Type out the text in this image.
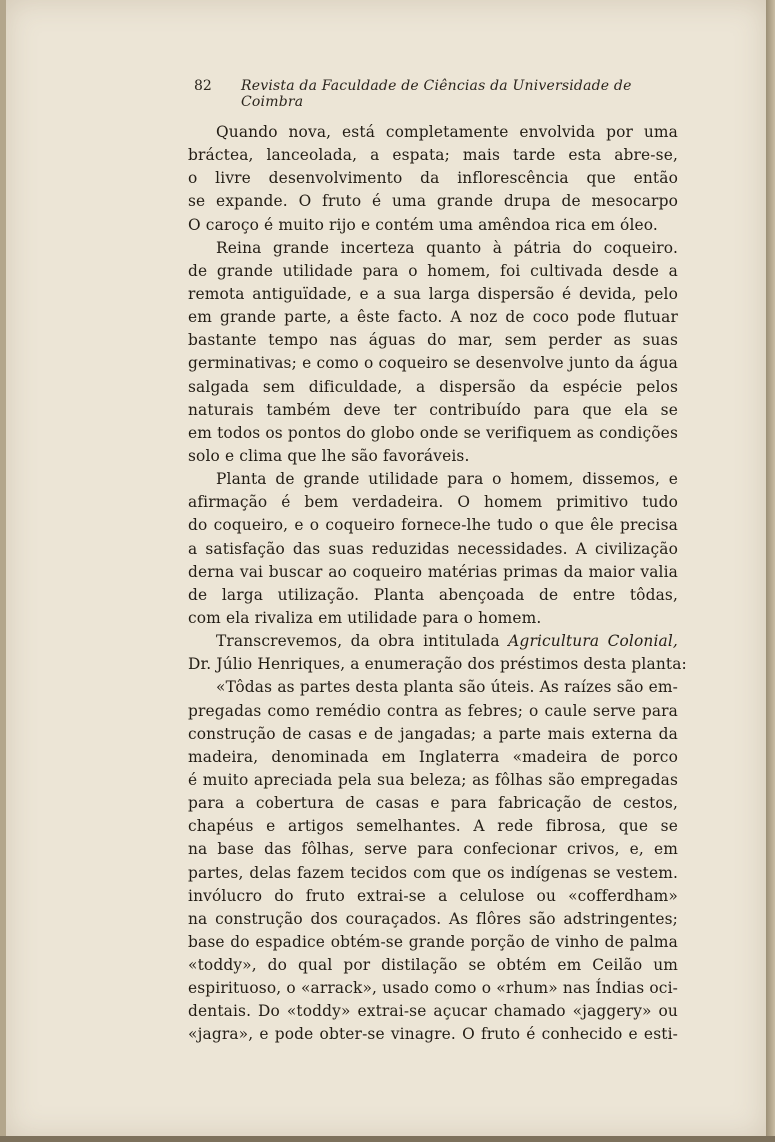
82 Revista da Faculdade de Ciências da Universidade de Coimbra
Quando nova, está completamente envolvida por uma
bráctea, lanceolada, a espata; mais tarde esta abre-se,
o livre desenvolvimento da inflorescência que então
se expande. O fruto é uma grande drupa de mesocarpo
O caroço é muito rijo e contém uma amêndoa rica em óleo.
Reina grande incerteza quanto à pátria do coqueiro.
de grande utilidade para o homem, foi cultivada desde a
remota antiguïdade, e a sua larga dispersão é devida, pelo
em grande parte, a êste facto. A noz de coco pode flutuar
bastante tempo nas águas do mar, sem perder as suas
germinativas; e como o coqueiro se desenvolve junto da água
salgada sem dificuldade, a dispersão da espécie pelos
naturais também deve ter contribuído para que ela se
em todos os pontos do globo onde se verifiquem as condições
solo e clima que lhe são favoráveis.
Planta de grande utilidade para o homem, dissemos, e
afirmação é bem verdadeira. O homem primitivo tudo
do coqueiro, e o coqueiro fornece-lhe tudo o que êle precisa
a satisfação das suas reduzidas necessidades. A civilização
derna vai buscar ao coqueiro matérias primas da maior valia
de larga utilização. Planta abençoada de entre tôdas,
com ela rivaliza em utilidade para o homem.
Transcrevemos, da obra intitulada Agricultura Colonial,
Dr. Júlio Henriques, a enumeração dos préstimos desta planta:
«Tôdas as partes desta planta são úteis. As raízes são em-
pregadas como remédio contra as febres; o caule serve para
construção de casas e de jangadas; a parte mais externa da
madeira, denominada em Inglaterra «madeira de porco
é muito apreciada pela sua beleza; as fôlhas são empregadas
para a cobertura de casas e para fabricação de cestos,
chapéus e artigos semelhantes. A rede fibrosa, que se
na base das fôlhas, serve para confecionar crivos, e, em
partes, delas fazem tecidos com que os indígenas se vestem.
invólucro do fruto extrai-se a celulose ou «cofferdham»
na construção dos couraçados. As flôres são adstringentes;
base do espadice obtém-se grande porção de vinho de palma
«toddy», do qual por distilação se obtém em Ceilão um
espirituoso, o «arrack», usado como o «rhum» nas Índias oci-
dentais. Do «toddy» extrai-se açucar chamado «jaggery» ou
«jagra», e pode obter-se vinagre. O fruto é conhecido e esti-
